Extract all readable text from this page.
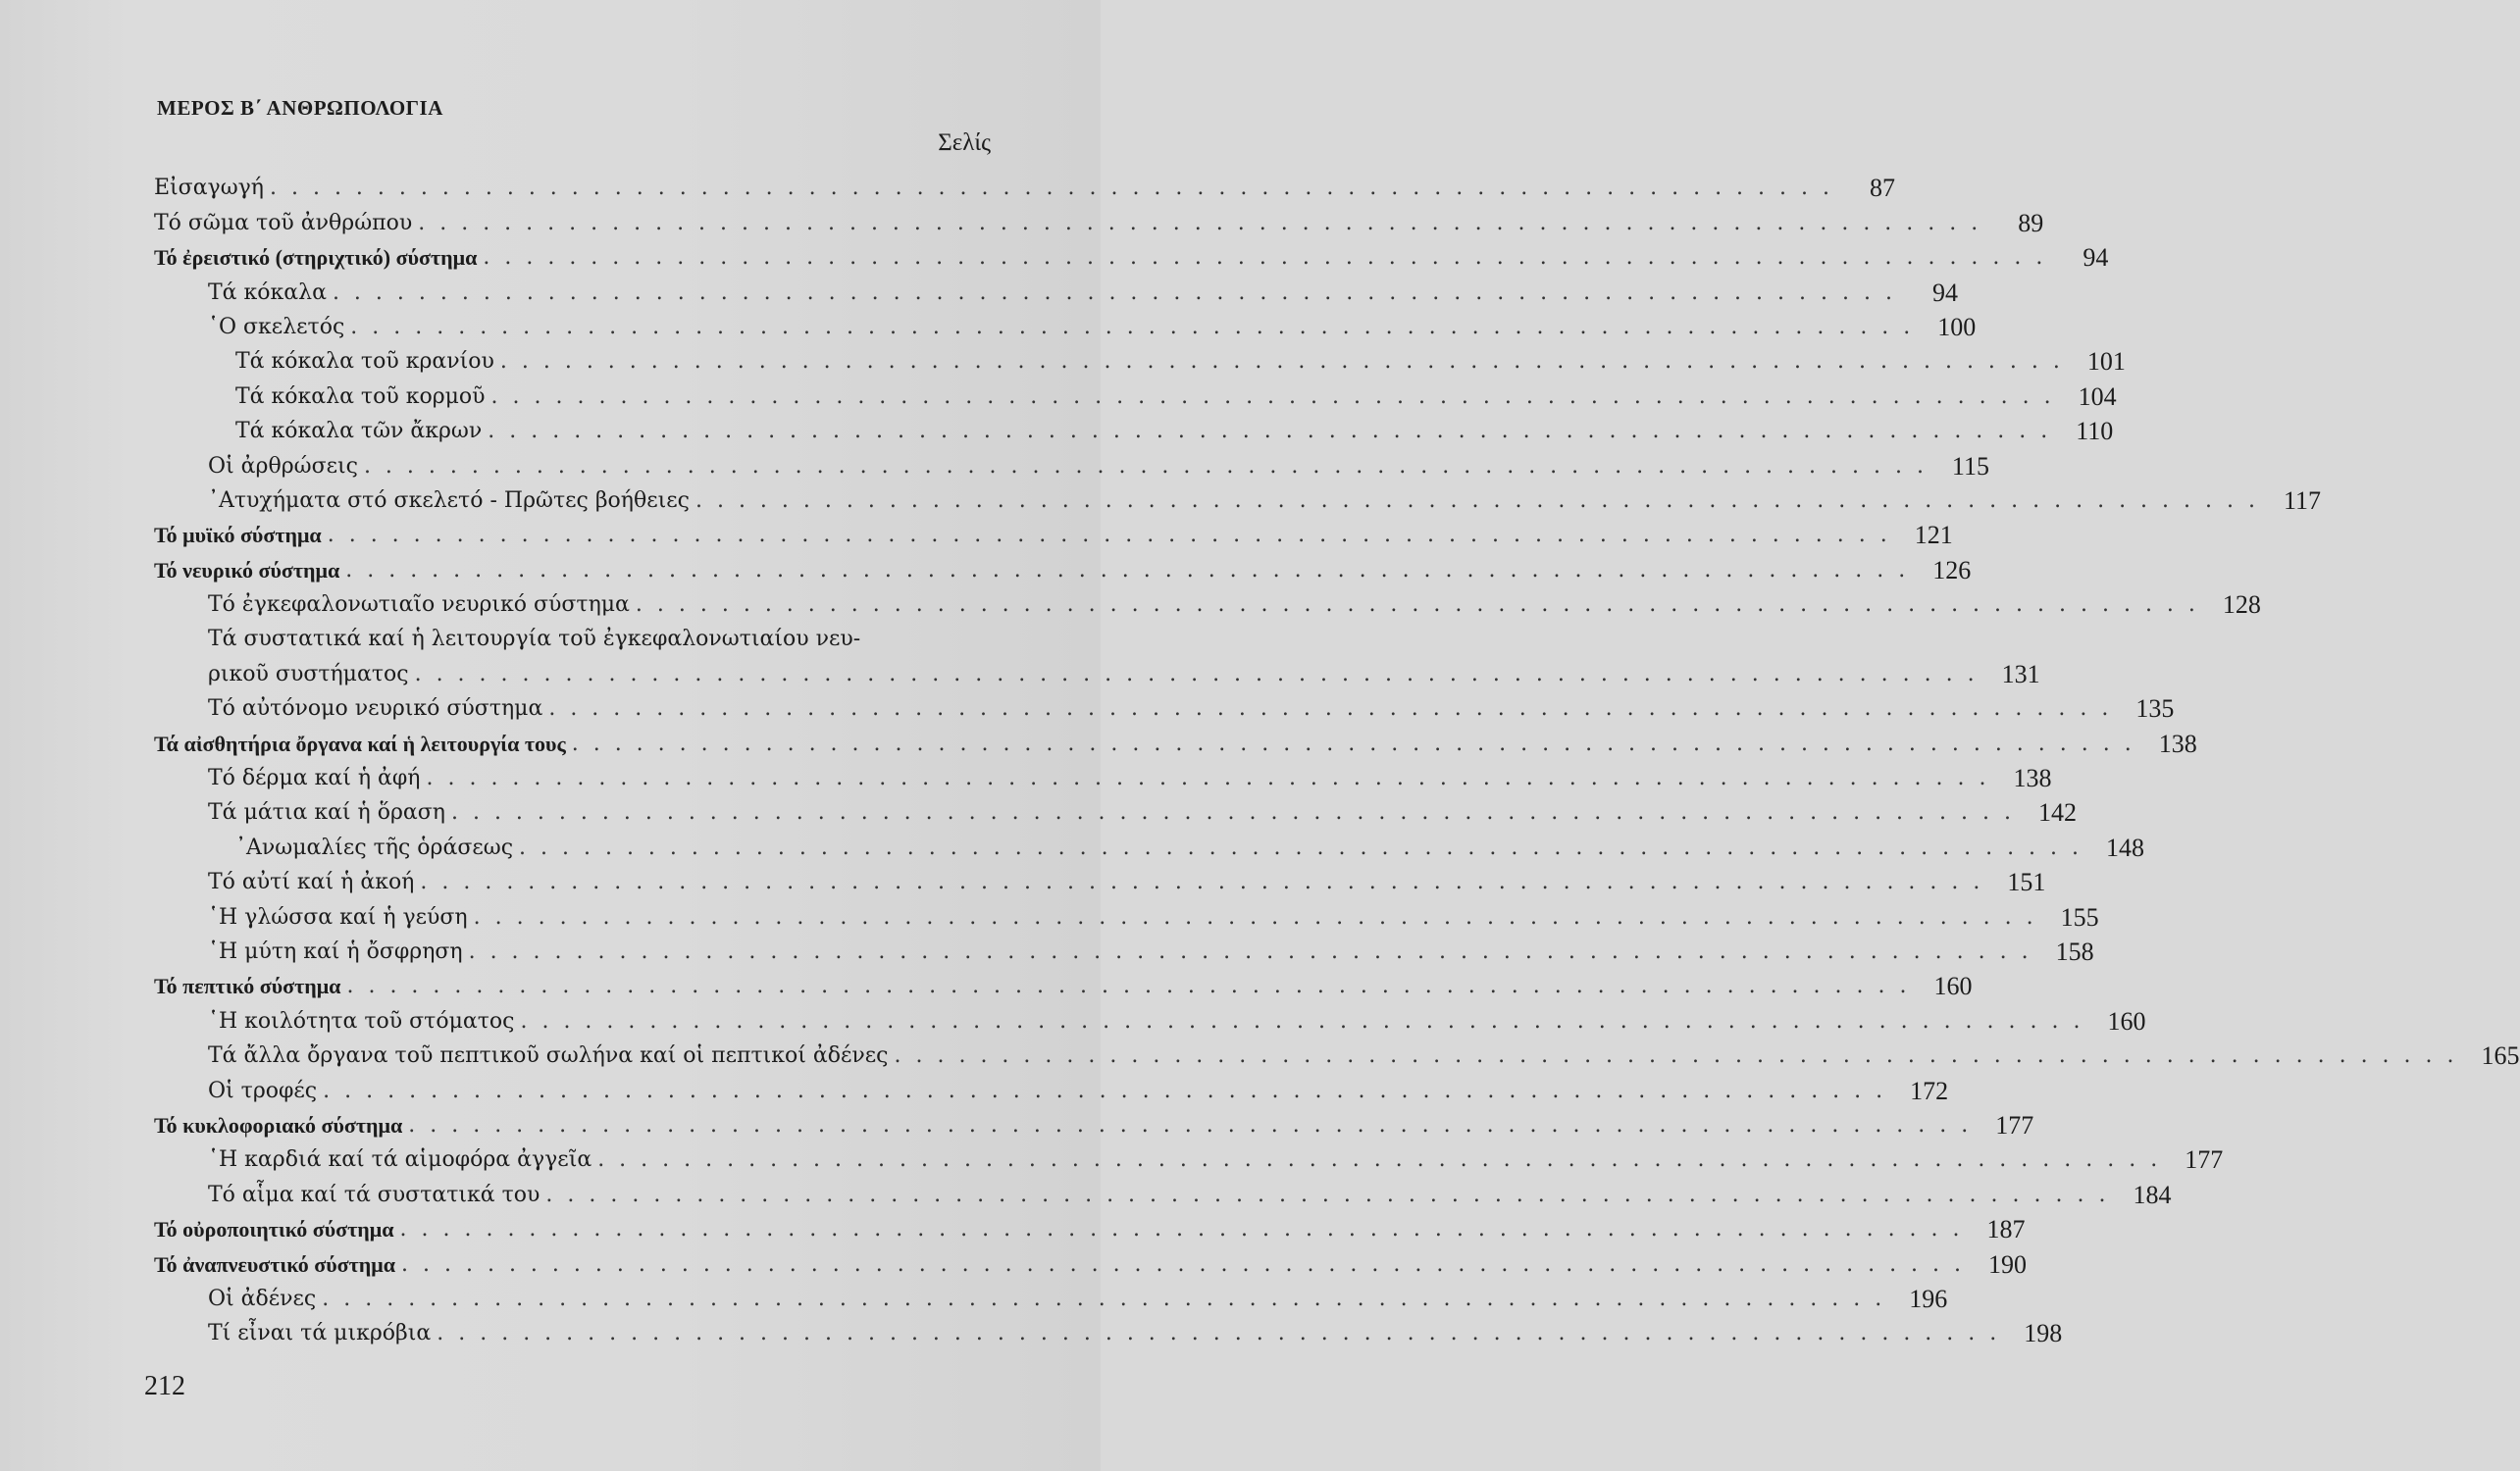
ΜΕΡΟΣ Β΄ ΑΝΘΡΩΠΟΛΟΓΙΑ
Σελίς
Εἰσαγωγή . . . . . . . . . . . . . . . . . . . . . . . . . . . . . . . . . . . . . . . . . . . . . . . . . . . . . . . . . . . . . . . . . . . . . . . . .	87
Τό σῶμα τοῦ ἀνθρώπου . . . . . . . . . . . . . . . . . . . . . . . . . . . . . . . . . . . . . . . . . . . . . . . . . . . . . . . . . . . . . . . . . . . . . . . . .	89
Τό ἐρειστικό (στηριχτικό) σύστημα . . . . . . . . . . . . . . . . . . . . . . . . . . . . . . . . . . . . . . . . . . . . . . . . . . . . . . . . . . . . . . . . . . . . . . . . .	94
Τά κόκαλα . . . . . . . . . . . . . . . . . . . . . . . . . . . . . . . . . . . . . . . . . . . . . . . . . . . . . . . . . . . . . . . . . . . . . . . . .	94
῾Ο σκελετός . . . . . . . . . . . . . . . . . . . . . . . . . . . . . . . . . . . . . . . . . . . . . . . . . . . . . . . . . . . . . . . . . . . . . . . . . 100
Τά κόκαλα τοῦ κρανίου . . . . . . . . . . . . . . . . . . . . . . . . . . . . . . . . . . . . . . . . . . . . . . . . . . . . . . . . . . . . . . . . . . . . . . . . . 101
Τά κόκαλα τοῦ κορμοῦ . . . . . . . . . . . . . . . . . . . . . . . . . . . . . . . . . . . . . . . . . . . . . . . . . . . . . . . . . . . . . . . . . . . . . . . . . 104
Τά κόκαλα τῶν ἄκρων . . . . . . . . . . . . . . . . . . . . . . . . . . . . . . . . . . . . . . . . . . . . . . . . . . . . . . . . . . . . . . . . . . . . . . . . . 110
Οἱ ἀρθρώσεις . . . . . . . . . . . . . . . . . . . . . . . . . . . . . . . . . . . . . . . . . . . . . . . . . . . . . . . . . . . . . . . . . . . . . . . . . 115
᾿Ατυχήματα στό σκελετό - Πρῶτες βοήθειες . . . . . . . . . . . . . . . . . . . . . . . . . . . . . . . . . . . . . . . . . . . . . . . . . . . . . . . . . . . . . . . . . . . . . . . . . 117
Τό μυϊκό σύστημα . . . . . . . . . . . . . . . . . . . . . . . . . . . . . . . . . . . . . . . . . . . . . . . . . . . . . . . . . . . . . . . . . . . . . . . . . 121
Τό νευρικό σύστημα . . . . . . . . . . . . . . . . . . . . . . . . . . . . . . . . . . . . . . . . . . . . . . . . . . . . . . . . . . . . . . . . . . . . . . . . . 126
Τό ἐγκεφαλονωτιαῖο νευρικό σύστημα . . . . . . . . . . . . . . . . . . . . . . . . . . . . . . . . . . . . . . . . . . . . . . . . . . . . . . . . . . . . . . . . . . . . . . . . . 128
Τά συστατικά καί ἡ λειτουργία τοῦ ἐγκεφαλονωτιαίου νευ-
ρικοῦ συστήματος . . . . . . . . . . . . . . . . . . . . . . . . . . . . . . . . . . . . . . . . . . . . . . . . . . . . . . . . . . . . . . . . . . . . . . . . . 131
Τό αὐτόνομο νευρικό σύστημα . . . . . . . . . . . . . . . . . . . . . . . . . . . . . . . . . . . . . . . . . . . . . . . . . . . . . . . . . . . . . . . . . . . . . . . . . 135
Τά αἰσθητήρια ὄργανα καί ἡ λειτουργία τους . . . . . . . . . . . . . . . . . . . . . . . . . . . . . . . . . . . . . . . . . . . . . . . . . . . . . . . . . . . . . . . . . . . . . . . . . 138
Τό δέρμα καί ἡ ἀφή . . . . . . . . . . . . . . . . . . . . . . . . . . . . . . . . . . . . . . . . . . . . . . . . . . . . . . . . . . . . . . . . . . . . . . . . . 138
Τά μάτια καί ἡ ὅραση . . . . . . . . . . . . . . . . . . . . . . . . . . . . . . . . . . . . . . . . . . . . . . . . . . . . . . . . . . . . . . . . . . . . . . . . . 142
᾿Ανωμαλίες τῆς ὁράσεως . . . . . . . . . . . . . . . . . . . . . . . . . . . . . . . . . . . . . . . . . . . . . . . . . . . . . . . . . . . . . . . . . . . . . . . . . 148
Τό αὐτί καί ἡ ἀκοή . . . . . . . . . . . . . . . . . . . . . . . . . . . . . . . . . . . . . . . . . . . . . . . . . . . . . . . . . . . . . . . . . . . . . . . . . 151
῾Η γλώσσα καί ἡ γεύση . . . . . . . . . . . . . . . . . . . . . . . . . . . . . . . . . . . . . . . . . . . . . . . . . . . . . . . . . . . . . . . . . . . . . . . . . 155
῾Η μύτη καί ἡ ὄσφρηση . . . . . . . . . . . . . . . . . . . . . . . . . . . . . . . . . . . . . . . . . . . . . . . . . . . . . . . . . . . . . . . . . . . . . . . . . 158
Τό πεπτικό σύστημα . . . . . . . . . . . . . . . . . . . . . . . . . . . . . . . . . . . . . . . . . . . . . . . . . . . . . . . . . . . . . . . . . . . . . . . . . 160
῾Η κοιλότητα τοῦ στόματος . . . . . . . . . . . . . . . . . . . . . . . . . . . . . . . . . . . . . . . . . . . . . . . . . . . . . . . . . . . . . . . . . . . . . . . . . 160
Τά ἄλλα ὄργανα τοῦ πεπτικοῦ σωλήνα καί οἱ πεπτικοί ἀδένες . . . . . . . . . . . . . . . . . . . . . . . . . . . . . . . . . . . . . . . . . . . . . . . . . . . . . . . . . . . . . . . . . . . . . . . . . 165
Οἱ τροφές . . . . . . . . . . . . . . . . . . . . . . . . . . . . . . . . . . . . . . . . . . . . . . . . . . . . . . . . . . . . . . . . . . . . . . . . . 172
Τό κυκλοφοριακό σύστημα . . . . . . . . . . . . . . . . . . . . . . . . . . . . . . . . . . . . . . . . . . . . . . . . . . . . . . . . . . . . . . . . . . . . . . . . . 177
῾Η καρδιά καί τά αἱμοφόρα ἀγγεῖα . . . . . . . . . . . . . . . . . . . . . . . . . . . . . . . . . . . . . . . . . . . . . . . . . . . . . . . . . . . . . . . . . . . . . . . . . 177
Τό αἷμα καί τά συστατικά του . . . . . . . . . . . . . . . . . . . . . . . . . . . . . . . . . . . . . . . . . . . . . . . . . . . . . . . . . . . . . . . . . . . . . . . . . 184
Τό οὐροποιητικό σύστημα . . . . . . . . . . . . . . . . . . . . . . . . . . . . . . . . . . . . . . . . . . . . . . . . . . . . . . . . . . . . . . . . . . . . . . . . . 187
Τό ἀναπνευστικό σύστημα . . . . . . . . . . . . . . . . . . . . . . . . . . . . . . . . . . . . . . . . . . . . . . . . . . . . . . . . . . . . . . . . . . . . . . . . . 190
Οἱ ἀδένες . . . . . . . . . . . . . . . . . . . . . . . . . . . . . . . . . . . . . . . . . . . . . . . . . . . . . . . . . . . . . . . . . . . . . . . . . 196
Τί εἶναι τά μικρόβια . . . . . . . . . . . . . . . . . . . . . . . . . . . . . . . . . . . . . . . . . . . . . . . . . . . . . . . . . . . . . . . . . . . . . . . . . 198
212
